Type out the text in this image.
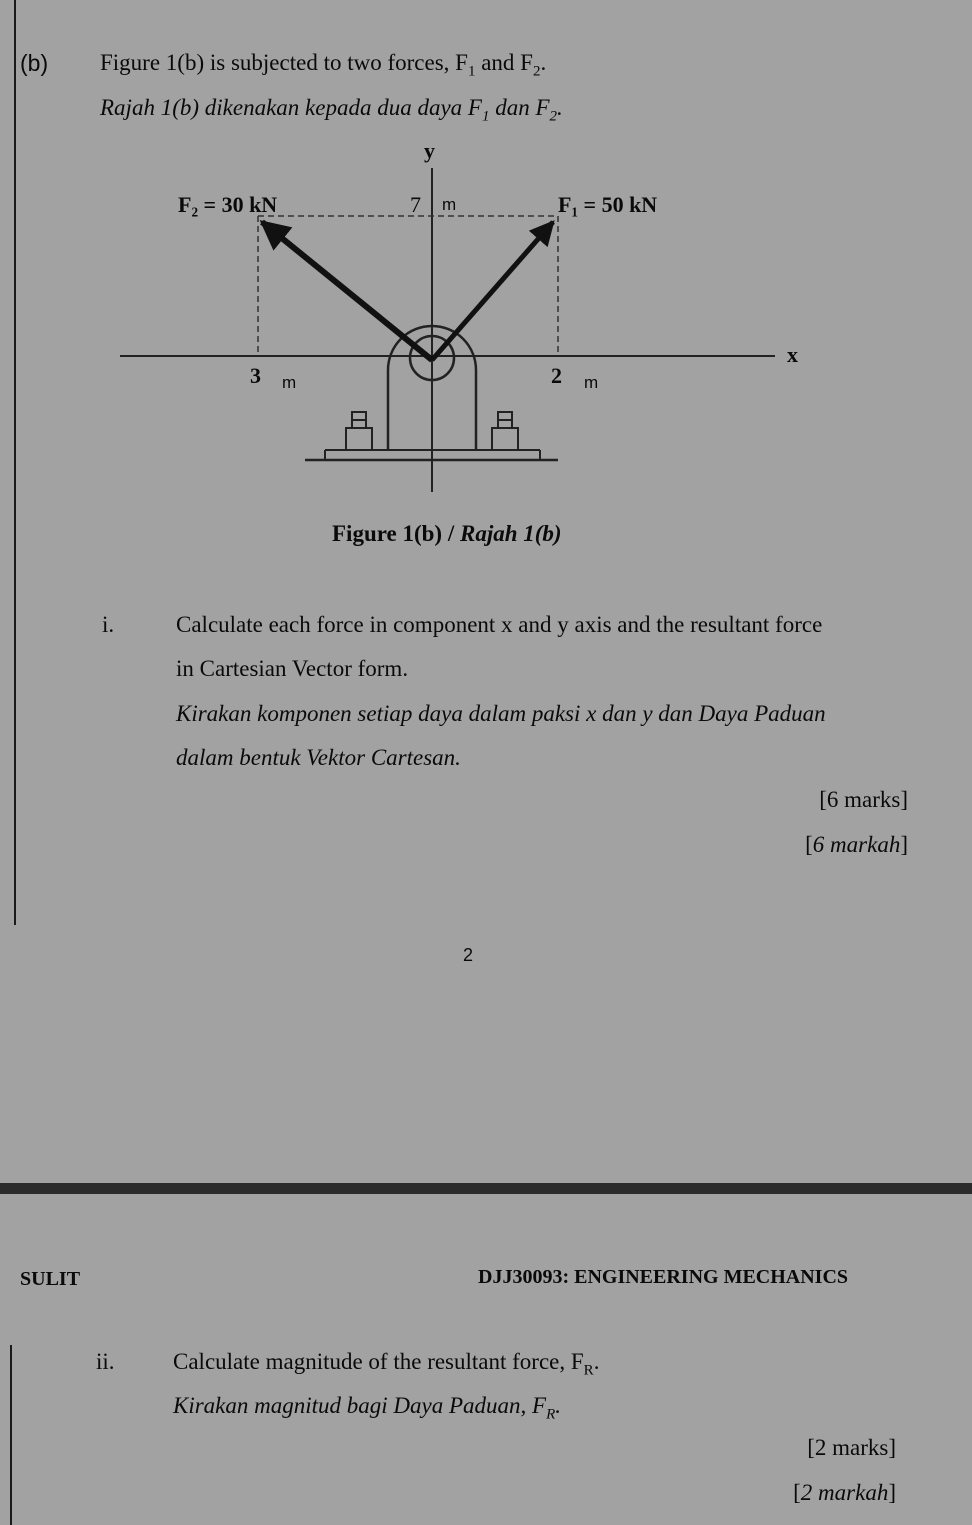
(b) Figure 1(b) is subjected to two forces, $F_1$ and $F_2$.
Rajah 1(b) dikenakan kepada dua daya $F_1$ dan $F_2$.
y
x
F₂ = 30 kN	F₁ = 50 kN
7 m
3 m	2 m
Figure 1(b) / Rajah 1(b)
i.	Calculate each force in component x and y axis and the resultant force
in Cartesian Vector form.
Kirakan komponen setiap daya dalam paksi x dan y dan Daya Paduan
dalam bentuk Vektor Cartesan.
[6 marks]
[6 markah]
2
SULIT	DJJ30093: ENGINEERING MECHANICS
ii.	Calculate magnitude of the resultant force, $F_R$.
Kirakan magnitud bagi Daya Paduan, $F_R$.
[2 marks]
[2 markah]
